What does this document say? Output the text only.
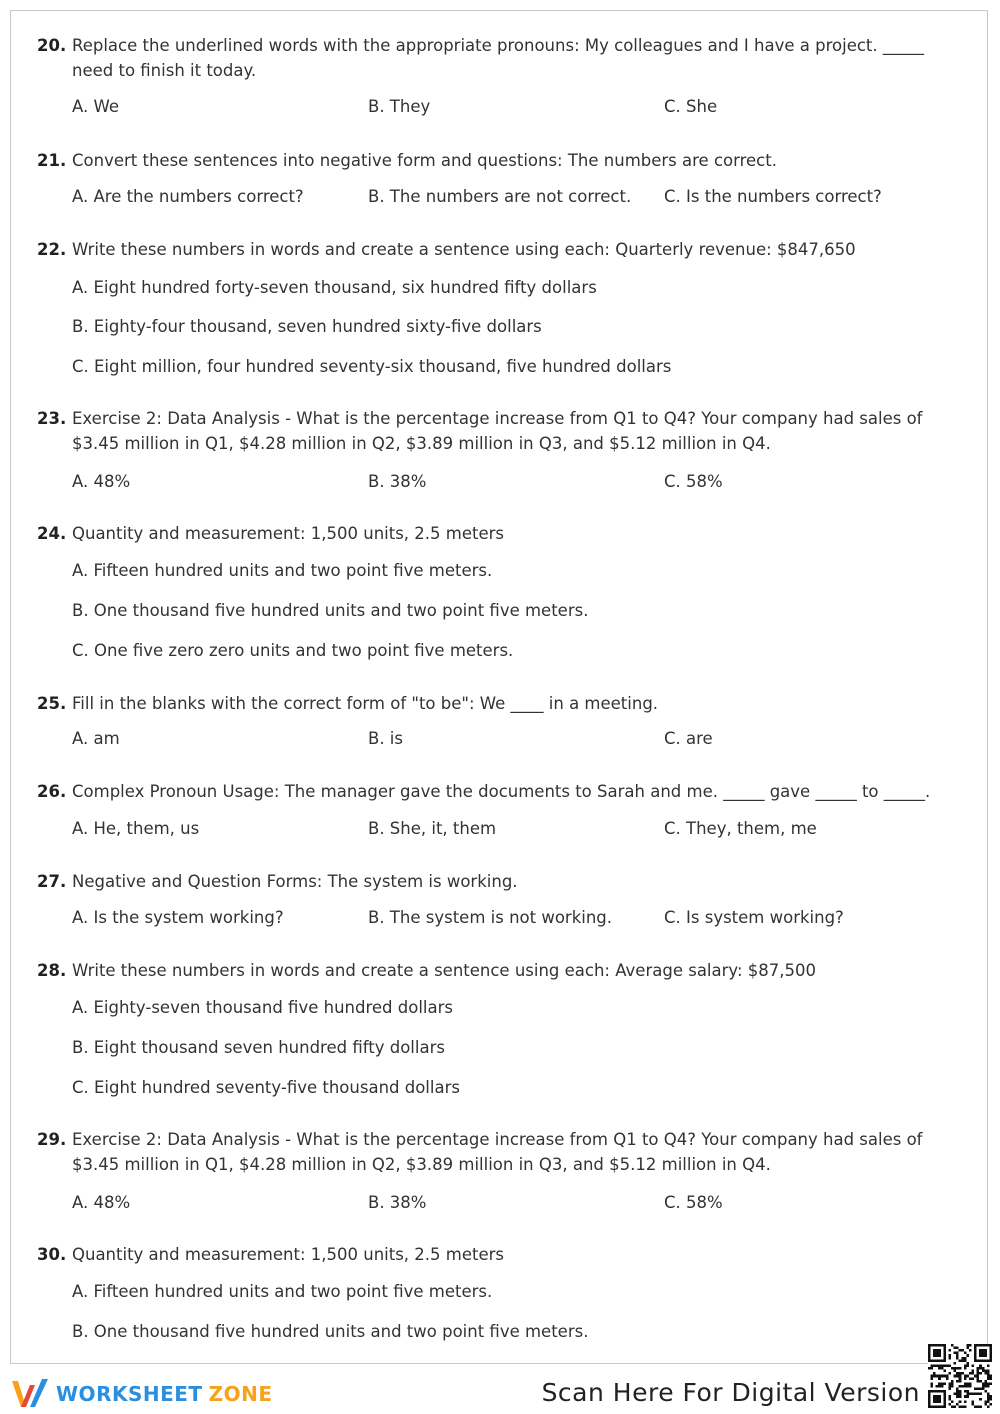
20. Replace the underlined words with the appropriate pronouns: My colleagues and I have a project. _____ need to finish it today.
A. We	B. They	C. She
21. Convert these sentences into negative form and questions: The numbers are correct.
A. Are the numbers correct?	B. The numbers are not correct. C. Is the numbers correct?
22. Write these numbers in words and create a sentence using each: Quarterly revenue: $847,650
A. Eight hundred forty-seven thousand, six hundred fifty dollars
B. Eighty-four thousand, seven hundred sixty-five dollars
C. Eight million, four hundred seventy-six thousand, five hundred dollars
23. Exercise 2: Data Analysis - What is the percentage increase from Q1 to Q4? Your company had sales of $3.45 million in Q1, $4.28 million in Q2, $3.89 million in Q3, and $5.12 million in Q4.
A. 48%	B. 38%	C. 58%
24. Quantity and measurement: 1,500 units, 2.5 meters
A. Fifteen hundred units and two point five meters.
B. One thousand five hundred units and two point five meters.
C. One five zero zero units and two point five meters.
25. Fill in the blanks with the correct form of "to be": We ____ in a meeting.
A. am	B. is	C. are
26. Complex Pronoun Usage: The manager gave the documents to Sarah and me. _____ gave _____ to _____.
A. He, them, us	B. She, it, them	C. They, them, me
27. Negative and Question Forms: The system is working.
A. Is the system working?	B. The system is not working.	C. Is system working?
28. Write these numbers in words and create a sentence using each: Average salary: $87,500
A. Eighty-seven thousand five hundred dollars
B. Eight thousand seven hundred fifty dollars
C. Eight hundred seventy-five thousand dollars
29. Exercise 2: Data Analysis - What is the percentage increase from Q1 to Q4? Your company had sales of $3.45 million in Q1, $4.28 million in Q2, $3.89 million in Q3, and $5.12 million in Q4.
A. 48%	B. 38%	C. 58%
30. Quantity and measurement: 1,500 units, 2.5 meters
A. Fifteen hundred units and two point five meters.
B. One thousand five hundred units and two point five meters.
WORKSHEET ZONE	Scan Here For Digital Version
